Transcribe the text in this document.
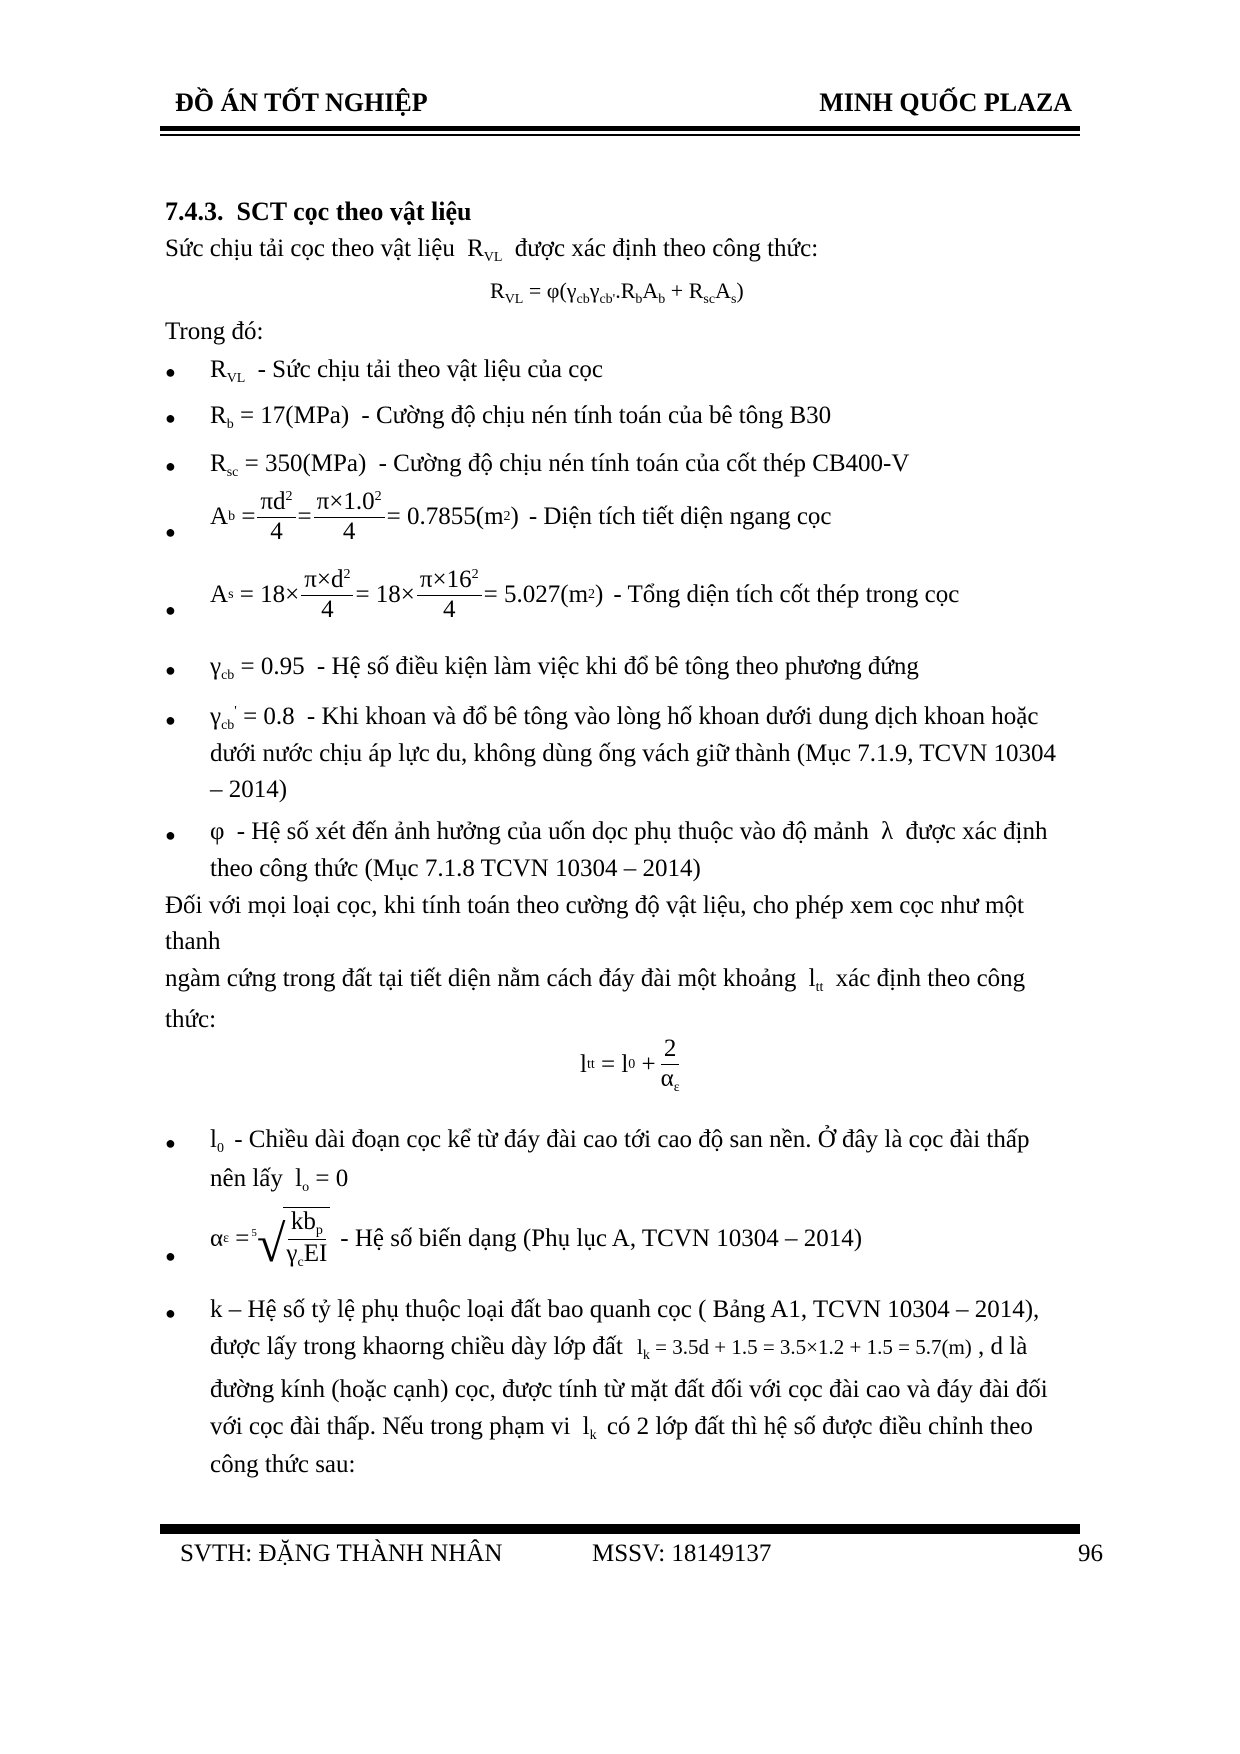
ĐỒ ÁN TỐT NGHIỆP	MINH QUỐC PLAZA
7.4.3. SCT cọc theo vật liệu
Sức chịu tải cọc theo vật liệu $R_{VL}$ được xác định theo công thức:
$R_{VL} = \varphi(\gamma_{cb}\gamma_{cb'}.R_bA_b + R_{sc}A_s)$
Trong đó:
● $R_{VL}$ - Sức chịu tải theo vật liệu của cọc
● $R_b = 17(MPa)$ - Cường độ chịu nén tính toán của bê tông B30
● $R_{sc} = 350(MPa)$ - Cường độ chịu nén tính toán của cốt thép CB400-V
●
A $b = \frac{\pi d^2}{4} = \frac{\pi\times 1.0^2}{4} = 0.7855(m$ 2 ) - Diện tích tiết diện ngang cọc
●
A s
= $18\times \frac{\pi\times d^2}{4} = 18\times \frac{\pi\times 16^2}{4} = 5.027(m$ 2 ) - Tổng diện tích cốt thép trong cọc
● $\gamma_{cb} = 0.95$ - Hệ số điều kiện làm việc khi đổ bê tông theo phương đứng
● $\gamma_{cb}' = 0.8$ - Khi khoan và đổ bê tông vào lòng hố khoan dưới dung dịch khoan hoặc
dưới nước chịu áp lực du, không dùng ống vách giữ thành (Mục 7.1.9, TCVN 10304
– 2014)
● φ - Hệ số xét đến ảnh hưởng của uốn dọc phụ thuộc vào độ mảnh λ được xác định
theo công thức (Mục 7.1.8 TCVN 10304 – 2014)
Đối với mọi loại cọc, khi tính toán theo cường độ vật liệu, cho phép xem cọc như một
thanh
ngàm cứng trong đất tại tiết diện nằm cách đáy đài một khoảng $l_{tt}$ xác định theo công
thức:
l tt
= l 0
+ $\frac{2}{\alpha_\varepsilon}$
● $l_0$ - Chiều dài đoạn cọc kể từ đáy đài cao tới cao độ san nền. Ở đây là cọc đài thấp
nên lấy $l_o = 0$
●
α ε
= 5 √
$\frac{kb_p}{\gamma_cEI}$ - Hệ số biến dạng (Phụ lục A, TCVN 10304 – 2014)
● k – Hệ số tỷ lệ phụ thuộc loại đất bao quanh cọc ( Bảng A1, TCVN 10304 – 2014),
được lấy trong khaorng chiều dày lớp đất $l_k = 3.5d + 1.5 = 3.5\times 1.2 + 1.5 = 5.7(m)$ , d là
đường kính (hoặc cạnh) cọc, được tính từ mặt đất đối với cọc đài cao và đáy đài đối
với cọc đài thấp. Nếu trong phạm vi $l_k$ có 2 lớp đất thì hệ số được điều chỉnh theo
công thức sau:
SVTH: ĐẶNG THÀNH NHÂN	MSSV: 18149137	96
